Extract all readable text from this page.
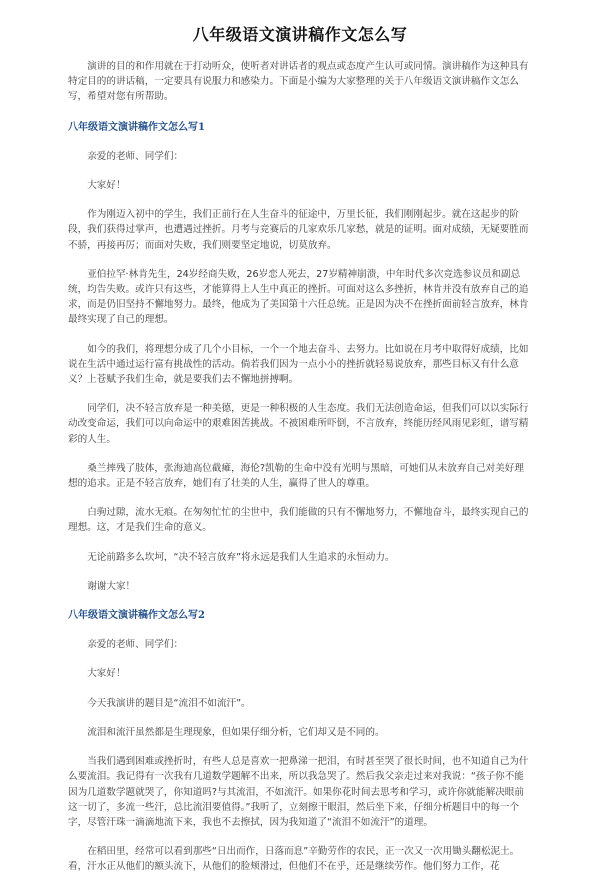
八年级语文演讲稿作文怎么写

演讲的目的和作用就在于打动听众，使听者对讲话者的观点或态度产生认可或同情。演讲稿作为这种具有特定目的的讲话稿，一定要具有说服力和感染力。下面是小编为大家整理的关于八年级语文演讲稿作文怎么写，希望对您有所帮助。

八年级语文演讲稿作文怎么写1

亲爱的老师、同学们：

大家好！

作为刚迈入初中的学生，我们正前行在人生奋斗的征途中，万里长征，我们刚刚起步。就在这起步的阶段，我们获得过掌声，也遭遇过挫折。月考与竞赛后的几家欢乐几家愁，就是的证明。面对成绩，无疑要胜而不骄，再接再厉；而面对失败，我们则要坚定地说，切莫放弃。

亚伯拉罕·林肯先生，24岁经商失败，26岁恋人死去，27岁精神崩溃，中年时代多次竞选参议员和副总统，均告失败。或许只有这些，才能算得上人生中真正的挫折。可面对这么多挫折，林肯并没有放弃自己的追求，而是仍旧坚持不懈地努力。最终，他成为了美国第十六任总统。正是因为决不在挫折面前轻言放弃，林肯最终实现了自己的理想。

如今的我们，将理想分成了几个小目标，一个一个地去奋斗、去努力。比如说在月考中取得好成绩，比如说在生活中通过运行富有挑战性的活动。倘若我们因为一点小小的挫折就轻易说放弃，那些目标又有什么意义？上苍赋予我们生命，就是要我们去不懈地拼搏啊。

同学们，决不轻言放弃是一种美德，更是一种积极的人生态度。我们无法创造命运，但我们可以以实际行动改变命运，我们可以向命运中的艰难困苦挑战。不被困难所吓倒，不言放弃，终能历经风雨见彩虹，谱写精彩的人生。

桑兰摔残了肢体，张海迪高位截瘫，海伦?凯勒的生命中没有光明与黑暗，可她们从未放弃自己对美好理想的追求。正是不轻言放弃，她们有了壮美的人生，赢得了世人的尊重。

白驹过隙，流水无痕。在匆匆忙忙的尘世中，我们能做的只有不懈地努力，不懈地奋斗，最终实现自己的理想。这，才是我们生命的意义。

无论前路多么坎坷，“决不轻言放弃”将永远是我们人生追求的永恒动力。

谢谢大家！

八年级语文演讲稿作文怎么写2

亲爱的老师、同学们：

大家好！

今天我演讲的题目是“流泪不如流汗”。

流泪和流汗虽然都是生理现象，但如果仔细分析，它们却又是不同的。

当我们遇到困难或挫折时，有些人总是喜欢一把鼻涕一把泪，有时甚至哭了很长时间，也不知道自己为什么要流泪。我记得有一次我有几道数学题解不出来，所以我急哭了。然后我父亲走过来对我说：“孩子你不能因为几道数学题就哭了，你知道吗?与其流泪，不如流汗。如果你花时间去思考和学习，或许你就能解决眼前这一切了，多流一些汗，总比流泪要值得。”我听了，立刻擦干眼泪，然后坐下来，仔细分析题目中的每一个字，尽管汗珠一滴滴地流下来，我也不去擦拭，因为我知道了“流泪不如流汗”的道理。

在稻田里，经常可以看到那些“日出而作，日落而息”辛勤劳作的农民，正一次又一次用锄头翻松泥土。看，汗水正从他们的额头流下，从他们的脸颊滑过，但他们不在乎，还是继续劳作。他们努力工作，花
